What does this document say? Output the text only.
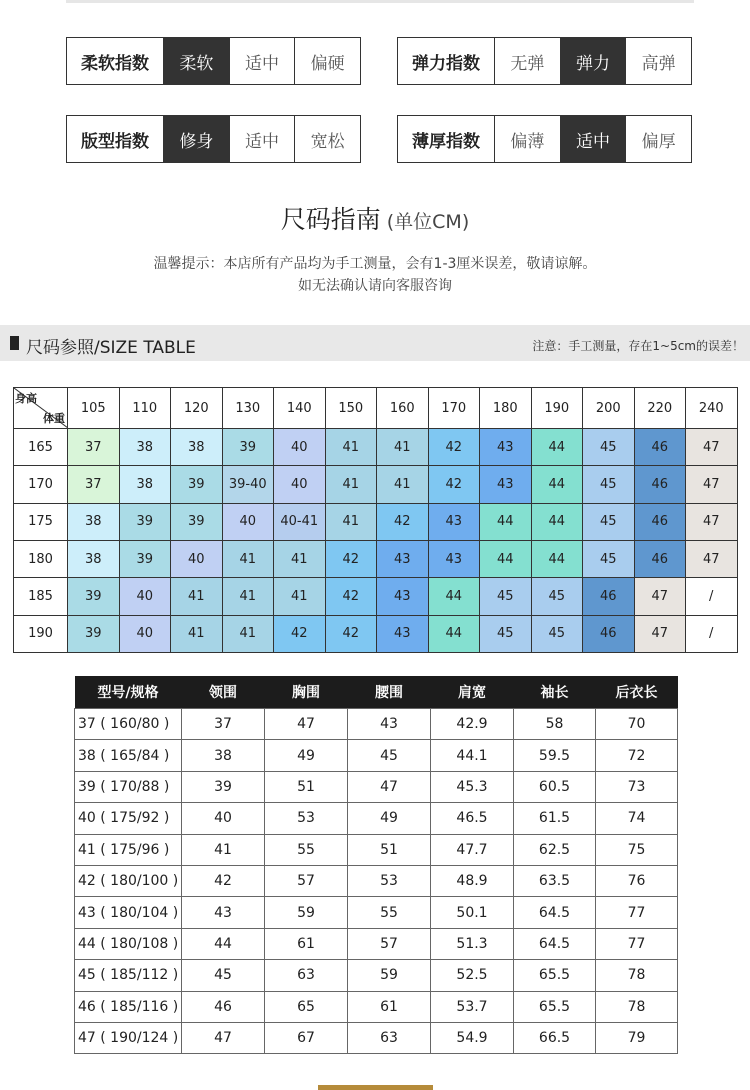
柔软指数	柔软	适中	偏硬	弹力指数	无弹	弹力	高弹
版型指数	修身	适中	宽松	薄厚指数	偏薄	适中	偏厚
尺码指南 (单位CM)
温馨提示：本店所有产品均为手工测量，会有1-3厘米误差，敬请谅解。
如无法确认请向客服咨询
尺码参照/SIZE TABLE	注意：手工测量，存在1~5cm的误差！
身高
体重	105	110	120	130	140	150	160	170	180	190	200	220	240
165	37	38	38	39	40	41	41	42	43	44	45	46	47
170	37	38	39	39-40	40	41	41	42	43	44	45	46	47
175	38	39	39	40	40-41	41	42	43	44	44	45	46	47
180	38	39	40	41	41	42	43	43	44	44	45	46	47
185	39	40	41	41	41	42	43	44	45	45	46	47	/
190	39	40	41	41	42	42	43	44	45	45	46	47	/
型号/规格	领围	胸围	腰围	肩宽	袖长	后衣长
37 ( 160/80 )	37	47	43	42.9	58	70
38 ( 165/84 )	38	49	45	44.1	59.5	72
39 ( 170/88 )	39	51	47	45.3	60.5	73
40 ( 175/92 )	40	53	49	46.5	61.5	74
41 ( 175/96 )	41	55	51	47.7	62.5	75
42 ( 180/100 )	42	57	53	48.9	63.5	76
43 ( 180/104 )	43	59	55	50.1	64.5	77
44 ( 180/108 )	44	61	57	51.3	64.5	77
45 ( 185/112 )	45	63	59	52.5	65.5	78
46 ( 185/116 )	46	65	61	53.7	65.5	78
47 ( 190/124 )	47	67	63	54.9	66.5	79
